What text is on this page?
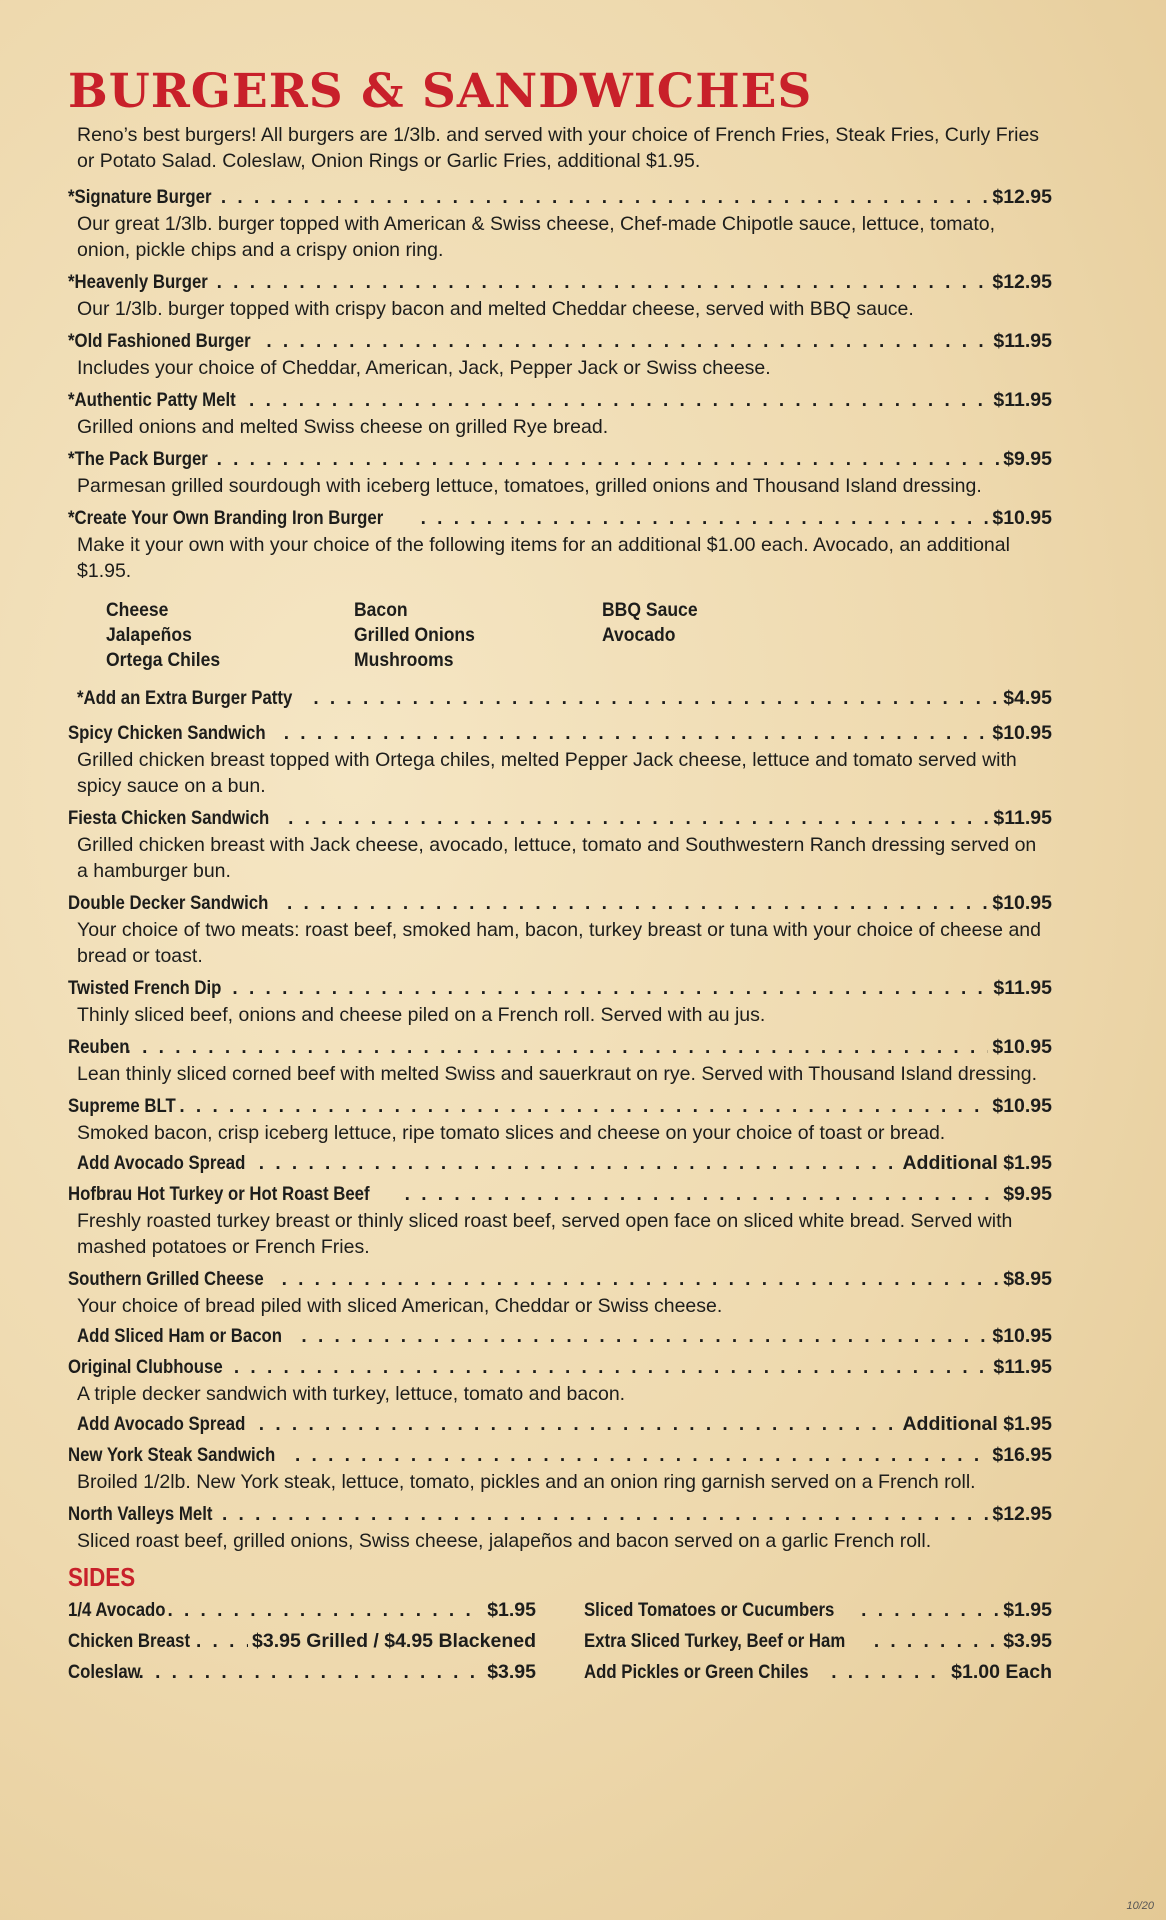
BURGERS & SANDWICHES

Reno’s best burgers! All burgers are 1/3lb. and served with your choice of French Fries, Steak Fries, Curly Fries or Potato Salad. Coleslaw, Onion Rings or Garlic Fries, additional $1.95.

*Signature Burger . . .	$12.95
Our great 1/3lb. burger topped with American & Swiss cheese, Chef-made Chipotle sauce, lettuce, tomato, onion, pickle chips and a crispy onion ring.
*Heavenly Burger . . .	$12.95
Our 1/3lb. burger topped with crispy bacon and melted Cheddar cheese, served with BBQ sauce.
*Old Fashioned Burger . . .	$11.95
Includes your choice of Cheddar, American, Jack, Pepper Jack or Swiss cheese.
*Authentic Patty Melt . . .	$11.95
Grilled onions and melted Swiss cheese on grilled Rye bread.
*The Pack Burger . . .	$9.95
Parmesan grilled sourdough with iceberg lettuce, tomatoes, grilled onions and Thousand Island dressing.
*Create Your Own Branding Iron Burger . . .	$10.95
Make it your own with your choice of the following items for an additional $1.00 each. Avocado, an additional $1.95.
Cheese	Bacon	BBQ Sauce
Jalapeños	Grilled Onions	Avocado
Ortega Chiles	Mushrooms
*Add an Extra Burger Patty . . .	$4.95
Spicy Chicken Sandwich . . .	$10.95
Grilled chicken breast topped with Ortega chiles, melted Pepper Jack cheese, lettuce and tomato served with spicy sauce on a bun.
Fiesta Chicken Sandwich . . .	$11.95
Grilled chicken breast with Jack cheese, avocado, lettuce, tomato and Southwestern Ranch dressing served on a hamburger bun.
Double Decker Sandwich . . .	$10.95
Your choice of two meats: roast beef, smoked ham, bacon, turkey breast or tuna with your choice of cheese and bread or toast.
Twisted French Dip . . .	$11.95
Thinly sliced beef, onions and cheese piled on a French roll. Served with au jus.
Reuben . . .	$10.95
Lean thinly sliced corned beef with melted Swiss and sauerkraut on rye. Served with Thousand Island dressing.
Supreme BLT . . .	$10.95
Smoked bacon, crisp iceberg lettuce, ripe tomato slices and cheese on your choice of toast or bread.
Add Avocado Spread . . .	Additional $1.95
Hofbrau Hot Turkey or Hot Roast Beef . . .	$9.95
Freshly roasted turkey breast or thinly sliced roast beef, served open face on sliced white bread. Served with mashed potatoes or French Fries.
Southern Grilled Cheese . . .	$8.95
Your choice of bread piled with sliced American, Cheddar or Swiss cheese.
Add Sliced Ham or Bacon . . .	$10.95
Original Clubhouse . . .	$11.95
A triple decker sandwich with turkey, lettuce, tomato and bacon.
Add Avocado Spread . . .	Additional $1.95
New York Steak Sandwich . . .	$16.95
Broiled 1/2lb. New York steak, lettuce, tomato, pickles and an onion ring garnish served on a French roll.
North Valleys Melt . . .	$12.95
Sliced roast beef, grilled onions, Swiss cheese, jalapeños and bacon served on a garlic French roll.
SIDES
1/4 Avocado . . .	$1.95 Sliced Tomatoes or Cucumbers . . .	$1.95
Chicken Breast . . .	$3.95 Grilled / $4.95 Blackened Extra Sliced Turkey, Beef or Ham . . .	$3.95
Coleslaw . . .	$3.95 Add Pickles or Green Chiles . . .	$1.00 Each
10/20
